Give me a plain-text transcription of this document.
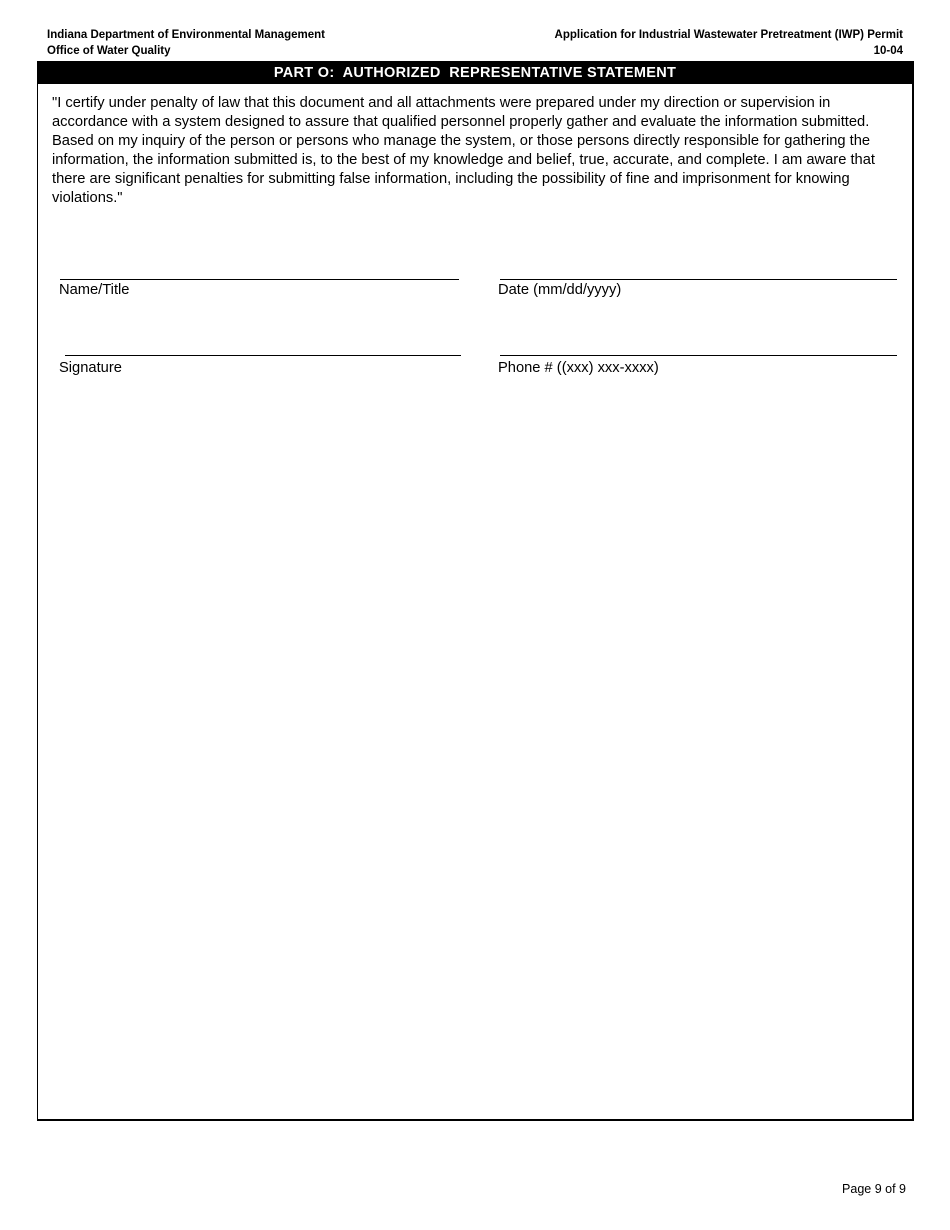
Indiana Department of Environmental Management
Office of Water Quality
Application for Industrial Wastewater Pretreatment (IWP) Permit
10-04
PART O:  AUTHORIZED  REPRESENTATIVE STATEMENT
"I certify under penalty of law that this document and all attachments were prepared under my direction or supervision in accordance with a system designed to assure that qualified personnel properly gather and evaluate the information submitted. Based on my inquiry of the person or persons who manage the system, or those persons directly responsible for gathering the information, the information submitted is, to the best of my knowledge and belief, true, accurate, and complete. I am aware that there are significant penalties for submitting false information, including the possibility of fine and imprisonment for knowing violations."
Name/Title	Date (mm/dd/yyyy)
Signature	Phone # ((xxx) xxx-xxxx)
Page 9 of 9
